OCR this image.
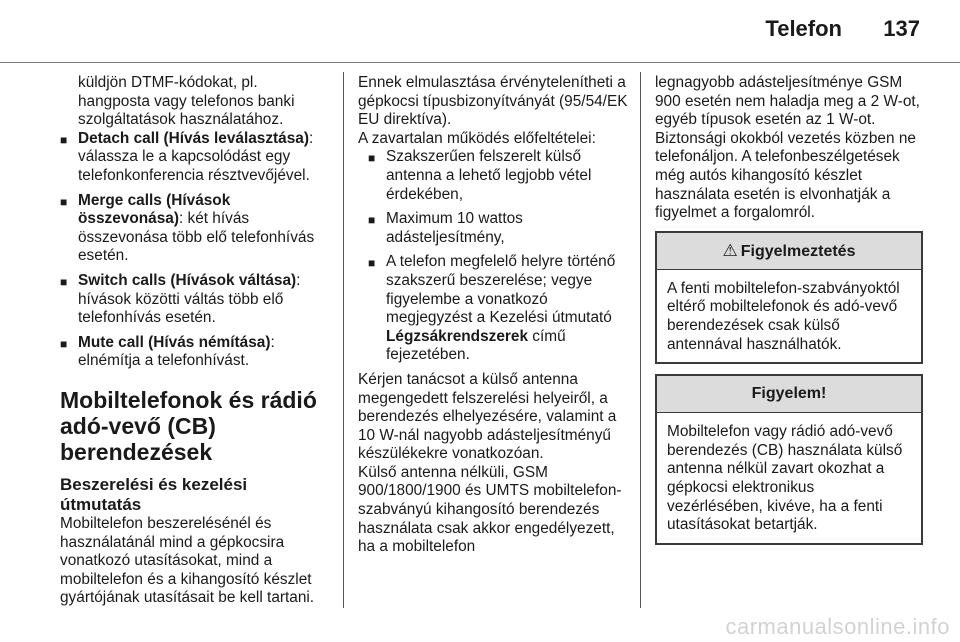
Telefon 137

küldjön DTMF-kódokat, pl. hangposta vagy telefonos banki szolgáltatások használatához.

■ Detach call (Hívás leválasztása): válassza le a kapcsolódást egy telefonkonferencia résztvevőjével.
■ Merge calls (Hívások összevonása): két hívás összevonása több elő telefonhívás esetén.
■ Switch calls (Hívások váltása): hívások közötti váltás több elő telefonhívás esetén.
■ Mute call (Hívás némítása): elnémítja a telefonhívást.
Mobiltelefonok és rádió adó-vevő (CB) berendezések
Beszerelési és kezelési útmutatás

Mobiltelefon beszerelésénél és használatánál mind a gépkocsira vonatkozó utasításokat, mind a mobiltelefon és a kihangosító készlet gyártójának utasításait be kell tartani.

Ennek elmulasztása érvénytelenítheti a gépkocsi típusbizonyítványát (95/54/EK EU direktíva).

A zavartalan működés előfeltételei:

■ Szakszerűen felszerelt külső antenna a lehető legjobb vétel érdekében,
■ Maximum 10 wattos adásteljesítmény,
■ A telefon megfelelő helyre történő szakszerű beszerelése; vegye figyelembe a vonatkozó megjegyzést a Kezelési útmutató Légzsákrendszerek című fejezetében.

Kérjen tanácsot a külső antenna megengedett felszerelési helyeiről, a berendezés elhelyezésére, valamint a 10 W-nál nagyobb adásteljesítményű készülékekre vonatkozóan.

Külső antenna nélküli, GSM 900/1800/1900 és UMTS mobiltelefon-szabványú kihangosító berendezés használata csak akkor engedélyezett, ha a mobiltelefon

legnagyobb adásteljesítménye GSM 900 esetén nem haladja meg a 2 W-ot, egyéb típusok esetén az 1 W-ot.

Biztonsági okokból vezetés közben ne telefonáljon. A telefonbeszélgetések még autós kihangosító készlet használata esetén is elvonhatják a figyelmet a forgalomról.

⚠ Figyelmeztetés
A fenti mobiltelefon-szabványoktól eltérő mobiltelefonok és adó-vevő berendezések csak külső antennával használhatók.
Figyelem!
Mobiltelefon vagy rádió adó-vevő berendezés (CB) használata külső antenna nélkül zavart okozhat a gépkocsi elektronikus vezérlésében, kivéve, ha a fenti utasításokat betartják.
carmanualsonline.info
